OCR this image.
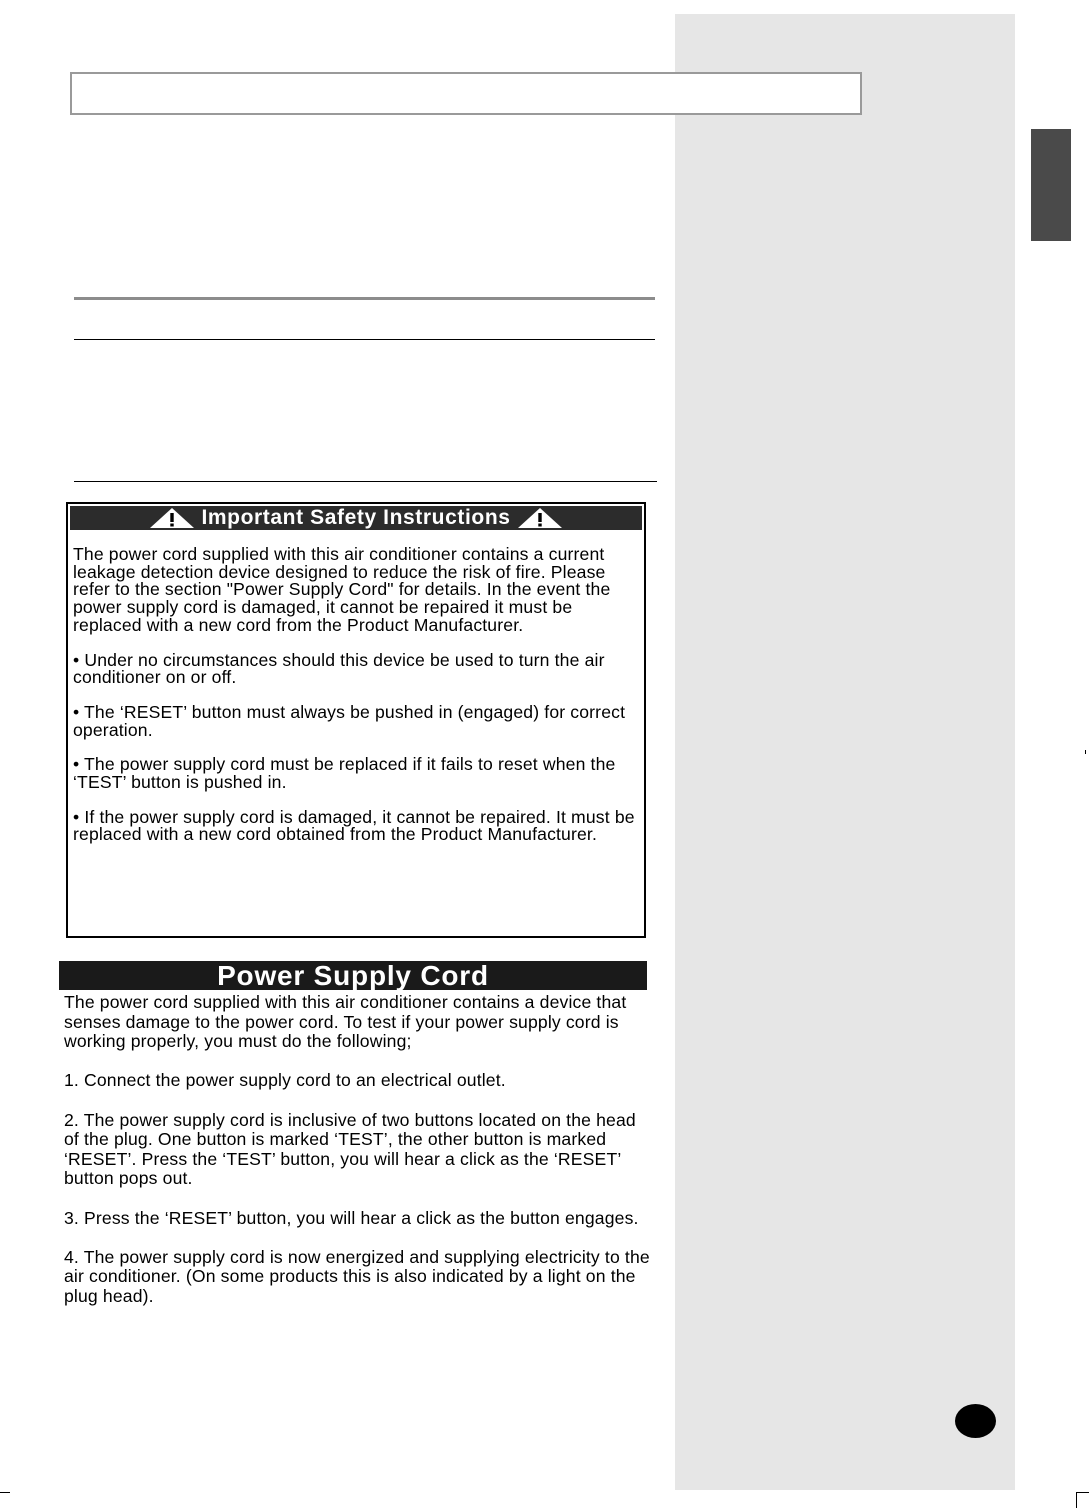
Important Safety Instructions

The power cord supplied with this air conditioner contains a current leakage detection device designed to reduce the risk of fire. Please refer to the section "Power Supply Cord" for details. In the event the power supply cord is damaged, it cannot be repaired it must be replaced with a new cord from the Product Manufacturer.

• Under no circumstances should this device be used to turn the air conditioner on or off.

• The ‘RESET’ button must always be pushed in (engaged) for correct operation.

• The power supply cord must be replaced if it fails to reset when the ‘TEST’ button is pushed in.

• If the power supply cord is damaged, it cannot be repaired. It must be replaced with a new cord obtained from the Product Manufacturer.

Power Supply Cord

The power cord supplied with this air conditioner contains a device that senses damage to the power cord. To test if your power supply cord is working properly, you must do the following;

1. Connect the power supply cord to an electrical outlet.

2. The power supply cord is inclusive of two buttons located on the head of the plug. One button is marked ‘TEST’, the other button is marked ‘RESET’. Press the ‘TEST’ button, you will hear a click as the ‘RESET’ button pops out.

3. Press the ‘RESET’ button, you will hear a click as the button engages.

4. The power supply cord is now energized and supplying electricity to the air conditioner. (On some products this is also indicated by a light on the plug head).
